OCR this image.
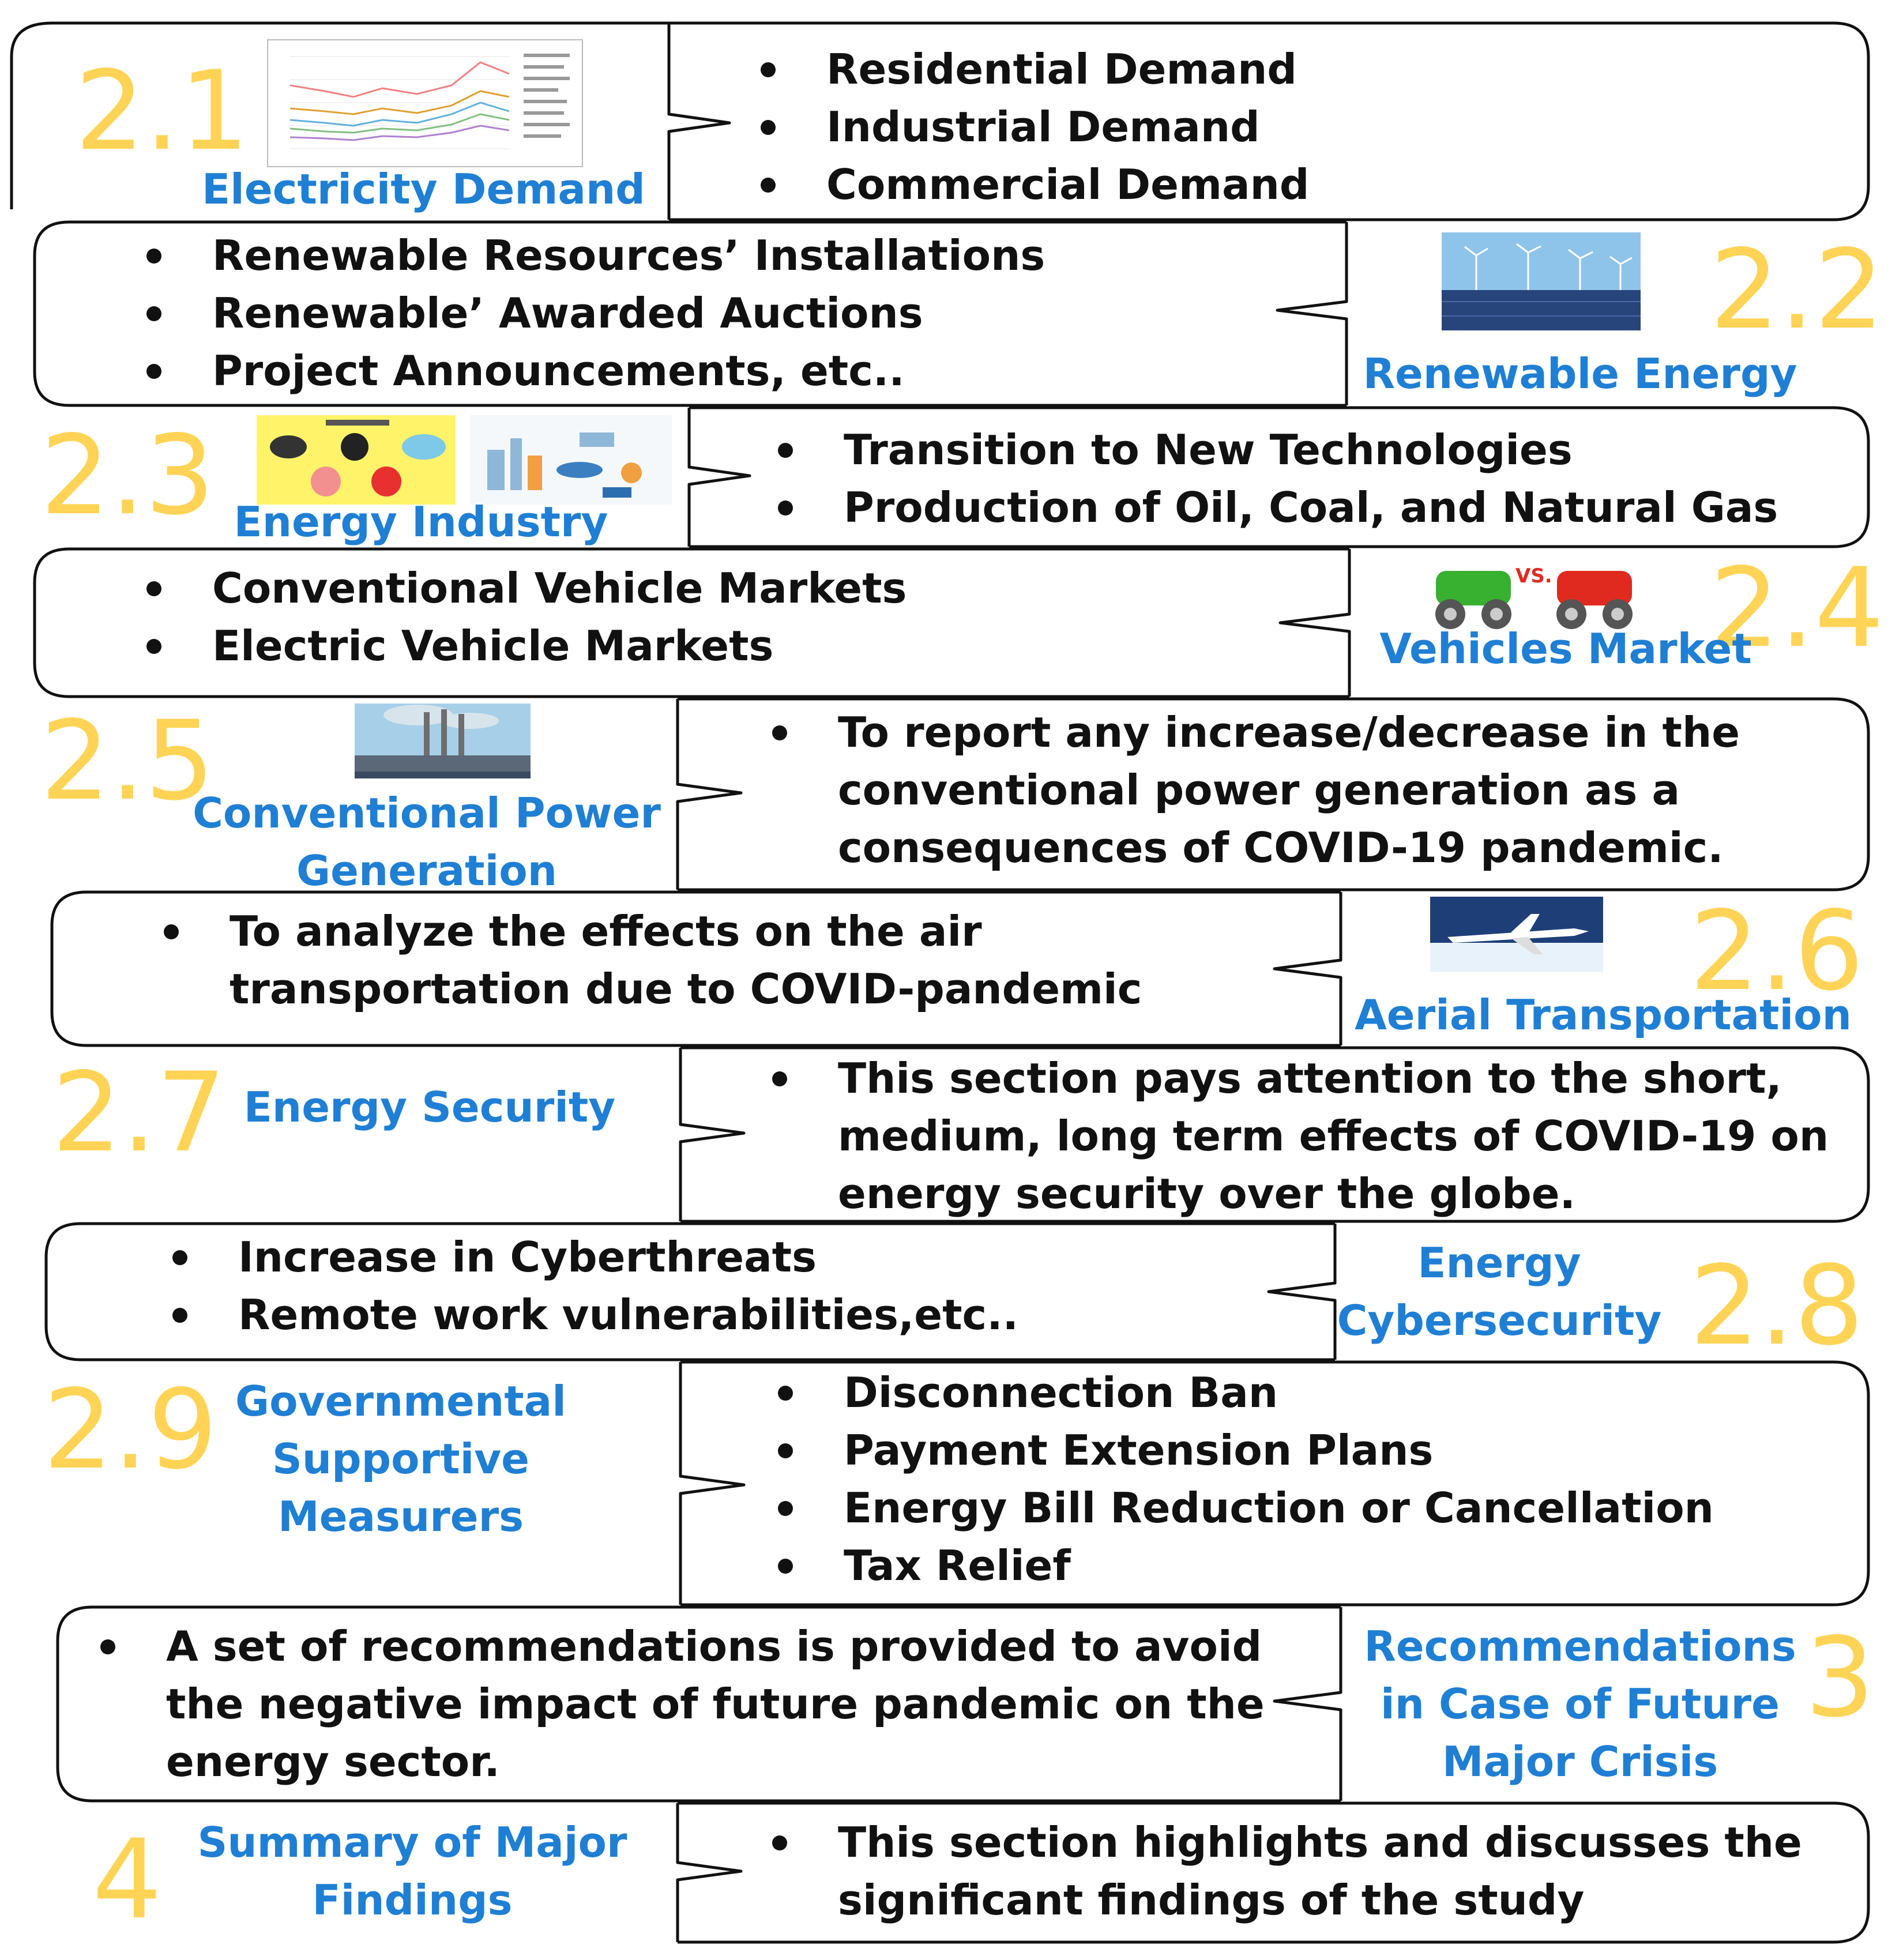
2.1
Electricity Demand
Residential Demand
Industrial Demand
Commercial Demand
Renewable Resources’ Installations
Renewable’ Awarded Auctions
Project Announcements, etc..
2.2
Renewable Energy
2.3 Energy Industry
Transition to New Technologies
Production of Oil, Coal, and Natural Gas
Conventional Vehicle Markets
Electric Vehicle Markets
VS. 2.4
Vehicles Market
2.5
Conventional Power
Generation
To report any increase/decrease in the
conventional power generation as a
consequences of COVID-19 pandemic.
To analyze the effects on the air
transportation due to COVID-pandemic	2.6
Aerial Transportation
2.7 Energy Security
This section pays attention to the short,
medium, long term effects of COVID-19 on
energy security over the globe.
Increase in Cyberthreats
Remote work vulnerabilities,etc..
Energy
Cybersecurity 2.8
2.9 Governmental
Supportive
Measurers
Disconnection Ban
Payment Extension Plans
Energy Bill Reduction or Cancellation
Tax Relief
A set of recommendations is provided to avoid
the negative impact of future pandemic on the
energy sector.
Recommendations
in Case of Future
Major Crisis
3
4 Summary of Major
Findings
This section highlights and discusses the
significant findings of the study
